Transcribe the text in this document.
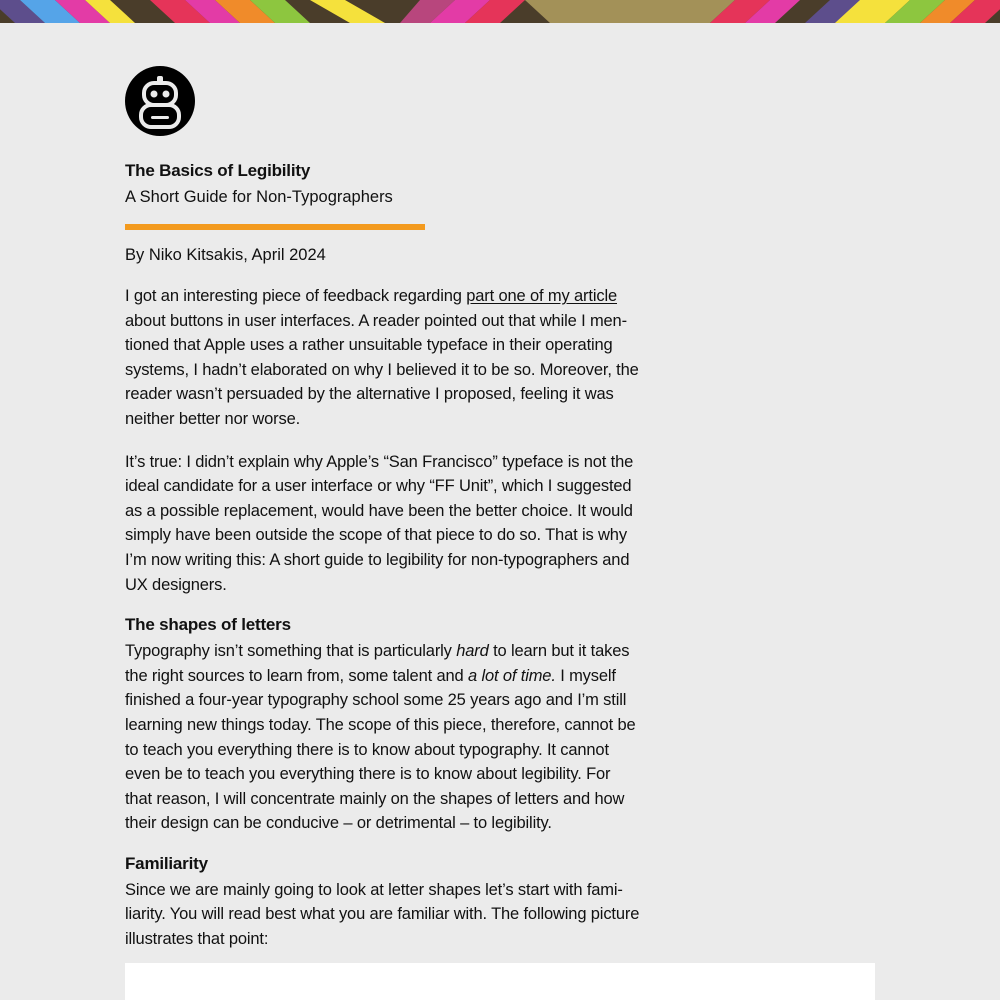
The Basics of Legibility

A Short Guide for Non-Typographers

By Niko Kitsakis, April 2024

I got an interesting piece of feedback regarding part one of my article about buttons in user interfaces. A reader pointed out that while I men-tioned that Apple uses a rather unsuitable typeface in their operating systems, I hadn’t elaborated on why I believed it to be so. Moreover, the reader wasn’t persuaded by the alternative I proposed, feeling it was neither better nor worse.

It’s true: I didn’t explain why Apple’s “San Francisco” typeface is not the ideal candidate for a user interface or why “FF Unit”, which I suggested as a possible replacement, would have been the better choice. It would simply have been outside the scope of that piece to do so. That is why I’m now writing this: A short guide to legibility for non-typographers and UX designers.

The shapes of letters

Typography isn’t something that is particularly hard to learn but it takes the right sources to learn from, some talent and a lot of time. I myself finished a four-year typography school some 25 years ago and I’m still learning new things today. The scope of this piece, therefore, cannot be to teach you everything there is to know about typography. It cannot even be to teach you everything there is to know about legibility. For that reason, I will concentrate mainly on the shapes of letters and how their design can be conducive – or detrimental – to legibility.

Familiarity

Since we are mainly going to look at letter shapes let’s start with fami-liarity. You will read best what you are familiar with. The following picture illustrates that point:
